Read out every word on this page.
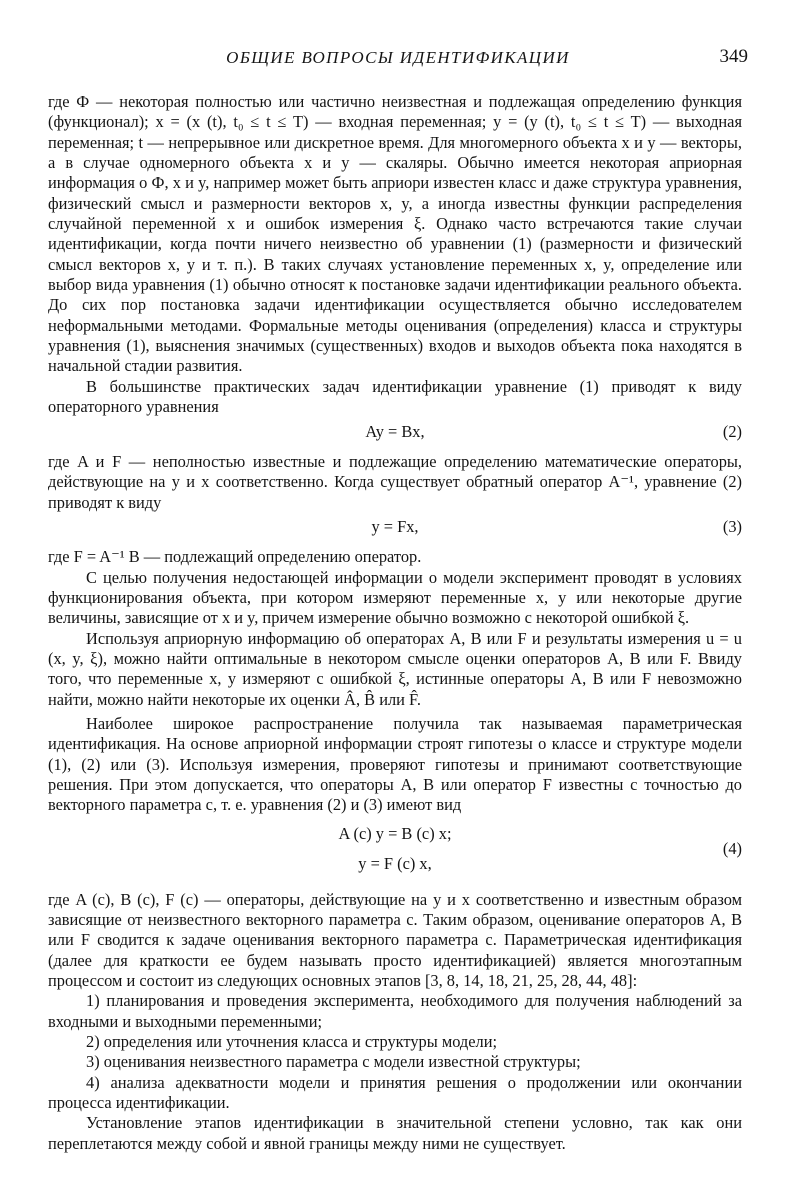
ОБЩИЕ ВОПРОСЫ ИДЕНТИФИКАЦИИ	349

где Ф — некоторая полностью или частично неизвестная и подлежащая определению функция (функционал); x = (x (t), t₀ ≤ t ≤ T) — входная переменная; y = (y (t), t₀ ≤ t ≤ T) — выходная переменная; t — непрерывное или дискретное время. Для многомерного объекта x и y — векторы, а в случае одномерного объекта x и y — скаляры. Обычно имеется некоторая априорная информация о Ф, x и y, например может быть априори известен класс и даже структура уравнения, физический смысл и размерности векторов x, y, а иногда известны функции распределения случайной переменной x и ошибок измерения ξ. Однако часто встречаются такие случаи идентификации, когда почти ничего неизвестно об уравнении (1) (размерности и физический смысл векторов x, y и т. п.). В таких случаях установление переменных x, y, определение или выбор вида уравнения (1) обычно относят к постановке задачи идентификации реального объекта. До сих пор постановка задачи идентификации осуществляется обычно исследователем неформальными методами. Формальные методы оценивания (определения) класса и структуры уравнения (1), выяснения значимых (существенных) входов и выходов объекта пока находятся в начальной стадии развития.

В большинстве практических задач идентификации уравнение (1) приводят к виду операторного уравнения

Ay = Bx,	(2)

где A и F — неполностью известные и подлежащие определению математические операторы, действующие на y и x соответственно. Когда существует обратный оператор A⁻¹, уравнение (2) приводят к виду

y = Fx,	(3)

где F = A⁻¹ B — подлежащий определению оператор.

С целью получения недостающей информации о модели эксперимент проводят в условиях функционирования объекта, при котором измеряют переменные x, y или некоторые другие величины, зависящие от x и y, причем измерение обычно возможно с некоторой ошибкой ξ.

Используя априорную информацию об операторах A, B или F и результаты измерения u = u (x, y, ξ), можно найти оптимальные в некотором смысле оценки операторов A, B или F. Ввиду того, что переменные x, y измеряют с ошибкой ξ, истинные операторы A, B или F невозможно найти, можно найти некоторые их оценки Â, B̂ или F̂.

Наиболее широкое распространение получила так называемая параметрическая идентификация. На основе априорной информации строят гипотезы о классе и структуре модели (1), (2) или (3). Используя измерения, проверяют гипотезы и принимают соответствующие решения. При этом допускается, что операторы A, B или оператор F известны с точностью до векторного параметра c, т. е. уравнения (2) и (3) имеют вид

A (c) y = B (c) x;
y = F (c) x,
(4)

где A (c), B (c), F (c) — операторы, действующие на y и x соответственно и известным образом зависящие от неизвестного векторного параметра c. Таким образом, оценивание операторов A, B или F сводится к задаче оценивания векторного параметра c. Параметрическая идентификация (далее для краткости ее будем называть просто идентификацией) является многоэтапным процессом и состоит из следующих основных этапов [3, 8, 14, 18, 21, 25, 28, 44, 48]:

1) планирования и проведения эксперимента, необходимого для получения наблюдений за входными и выходными переменными;

2) определения или уточнения класса и структуры модели;

3) оценивания неизвестного параметра c модели известной структуры;

4) анализа адекватности модели и принятия решения о продолжении или окончании процесса идентификации.

Установление этапов идентификации в значительной степени условно, так как они переплетаются между собой и явной границы между ними не существует.
